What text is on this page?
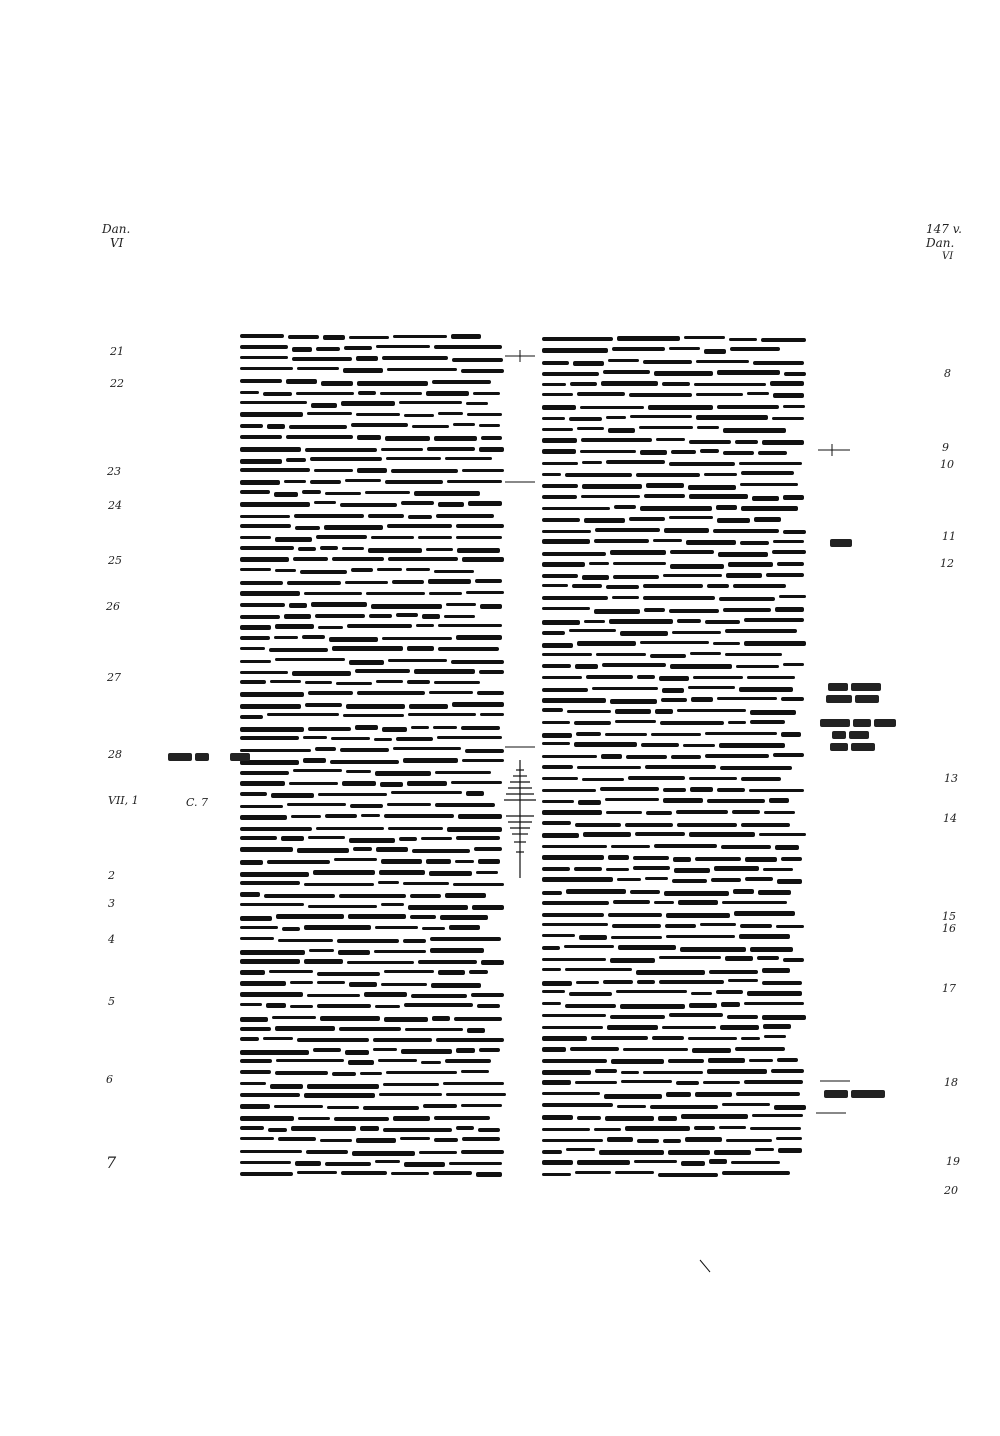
Dan.
VI
147 v.
Dan.
VI
21
22
23
24
25
26
27
28
VII, 1	C. 7
2
3
4
5
6
7
8
9
10
11
12
13
14
15
16
17
18
19
20
